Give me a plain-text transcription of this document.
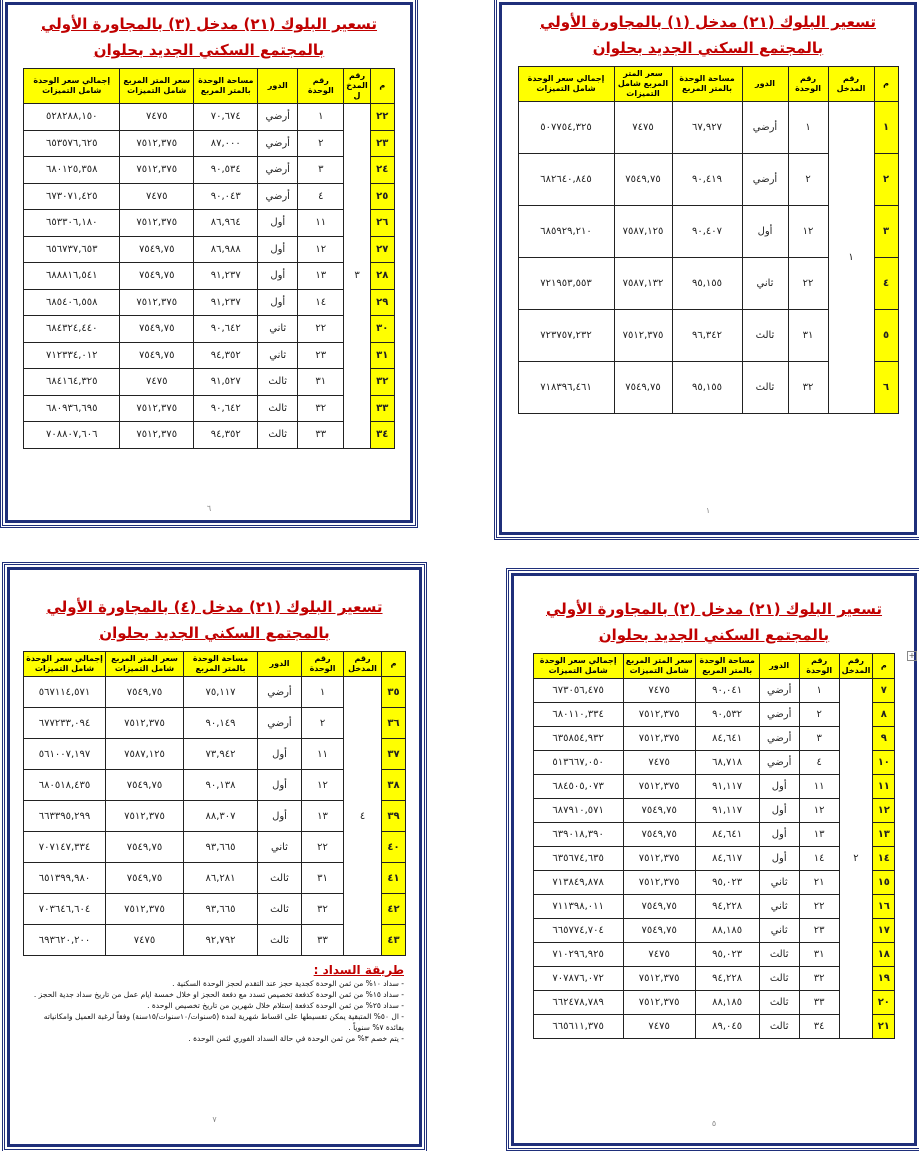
تسعير البلوك (٢١) مدخل (٣) بالمجاورة الأولي
بالمجتمع السكني الجديد بحلوان
م	رقم المدخ ل	رقم الوحدة	الدور	مساحة الوحدة بالمتر المربع	سعر المتر المربع شامل التميزات	إجمالي سعر الوحدة شامل التميزات
٢٢	٣	١	أرضي	٧٠,٦٧٤	٧٤٧٥	٥٢٨٢٨٨,١٥٠
٢٣		٢	أرضي	٨٧,٠٠٠	٧٥١٢,٣٧٥	٦٥٣٥٧٦,٦٢٥
٢٤		٣	أرضي	٩٠,٥٣٤	٧٥١٢,٣٧٥	٦٨٠١٢٥,٣٥٨
٢٥		٤	أرضي	٩٠,٠٤٣	٧٤٧٥	٦٧٣٠٧١,٤٢٥
٢٦		١١	أول	٨٦,٩٦٤	٧٥١٢,٣٧٥	٦٥٣٣٠٦,١٨٠
٢٧		١٢	أول	٨٦,٩٨٨	٧٥٤٩,٧٥	٦٥٦٧٣٧,٦٥٣
٢٨		١٣	أول	٩١,٢٣٧	٧٥٤٩,٧٥	٦٨٨٨١٦,٥٤١
٢٩		١٤	أول	٩١,٢٣٧	٧٥١٢,٣٧٥	٦٨٥٤٠٦,٥٥٨
٣٠		٢٢	ثاني	٩٠,٦٤٢	٧٥٤٩,٧٥	٦٨٤٣٢٤,٤٤٠
٣١		٢٣	ثاني	٩٤,٣٥٢	٧٥٤٩,٧٥	٧١٢٣٣٤,٠١٢
٣٢		٣١	ثالث	٩١,٥٢٧	٧٤٧٥	٦٨٤١٦٤,٣٢٥
٣٣		٣٢	ثالث	٩٠,٦٤٢	٧٥١٢,٣٧٥	٦٨٠٩٣٦,٦٩٥
٣٤		٣٣	ثالث	٩٤,٣٥٢	٧٥١٢,٣٧٥	٧٠٨٨٠٧,٦٠٦
٦
تسعير البلوك (٢١) مدخل (١) بالمجاورة الأولي
بالمجتمع السكني الجديد بحلوان
م	رقم المدخل	رقم الوحدة	الدور	مساحة الوحدة بالمتر المربع	سعر المتر المربع شامل التميزات	إجمالي سعر الوحدة شامل التميزات
١	١	١	أرضي	٦٧,٩٢٧	٧٤٧٥	٥٠٧٧٥٤,٣٢٥
٢		٢	أرضي	٩٠,٤١٩	٧٥٤٩,٧٥	٦٨٢٦٤٠,٨٤٥
٣		١٢	أول	٩٠,٤٠٧	٧٥٨٧,١٢٥	٦٨٥٩٢٩,٢١٠
٤		٢٢	ثاني	٩٥,١٥٥	٧٥٨٧,١٣٢	٧٢١٩٥٣,٥٥٣
٥		٣١	ثالث	٩٦,٣٤٢	٧٥١٢,٣٧٥	٧٢٣٧٥٧,٢٣٢
٦		٣٢	ثالث	٩٥,١٥٥	٧٥٤٩,٧٥	٧١٨٣٩٦,٤٦١
١
تسعير البلوك (٢١) مدخل (٤) بالمجاورة الأولي
بالمجتمع السكني الجديد بحلوان
م	رقم المدخل	رقم الوحدة	الدور	مساحة الوحدة بالمتر المربع	سعر المتر المربع شامل التميزات	إجمالي سعر الوحدة شامل التميزات
٣٥	٤	١	أرضي	٧٥,١١٧	٧٥٤٩,٧٥	٥٦٧١١٤,٥٧١
٣٦		٢	أرضي	٩٠,١٤٩	٧٥١٢,٣٧٥	٦٧٧٢٣٣,٠٩٤
٣٧		١١	أول	٧٣,٩٤٢	٧٥٨٧,١٢٥	٥٦١٠٠٧,١٩٧
٣٨		١٢	أول	٩٠,١٣٨	٧٥٤٩,٧٥	٦٨٠٥١٨,٤٣٥
٣٩		١٣	أول	٨٨,٣٠٧	٧٥١٢,٣٧٥	٦٦٣٣٩٥,٢٩٩
٤٠		٢٢	ثاني	٩٣,٦٦٥	٧٥٤٩,٧٥	٧٠٧١٤٧,٣٣٤
٤١		٣١	ثالث	٨٦,٢٨١	٧٥٤٩,٧٥	٦٥١٣٩٩,٩٨٠
٤٢		٣٢	ثالث	٩٣,٦٦٥	٧٥١٢,٣٧٥	٧٠٣٦٤٦,٦٠٤
٤٣		٣٣	ثالث	٩٢,٧٩٢	٧٤٧٥	٦٩٣٦٢٠,٢٠٠
طريقة السداد :
- سداد ١٠% من ثمن الوحدة كجدية حجز عند التقدم لحجز الوحدة السكنية .
- سداد ١٥% من ثمن الوحدة كدفعة تخصيص تسدد مع دفعة الحجز او خلال خمسة ايام عمل من تاريخ سداد جدية الحجز .
- سداد ٢٥% من ثمن الوحدة كدفعة إستلام خلال شهرين من تاريخ تخصيص الوحدة .
- ال ٥٠% المتبقية يمكن تقسيطها على اقساط شهرية لمدة (٥سنوات/١٠سنوات/١٥سنة) وفقاً لرغبة العميل وامكانياته بفائدة ٧% سنوياً .
- يتم خصم ٣% من ثمن الوحدة في حالة السداد الفوري لثمن الوحدة .
٧
تسعير البلوك (٢١) مدخل (٢) بالمجاورة الأولي
بالمجتمع السكني الجديد بحلوان
م	رقم المدخل	رقم الوحدة	الدور	مساحة الوحدة بالمتر المربع	سعر المتر المربع شامل التميزات	إجمالي سعر الوحدة شامل التميزات
٧	٢	١	أرضي	٩٠,٠٤١	٧٤٧٥	٦٧٣٠٥٦,٤٧٥
٨		٢	أرضي	٩٠,٥٣٢	٧٥١٢,٣٧٥	٦٨٠١١٠,٣٣٤
٩		٣	أرضي	٨٤,٦٤١	٧٥١٢,٣٧٥	٦٣٥٨٥٤,٩٣٢
١٠		٤	أرضي	٦٨,٧١٨	٧٤٧٥	٥١٣٦٦٧,٠٥٠
١١		١١	أول	٩١,١١٧	٧٥١٢,٣٧٥	٦٨٤٥٠٥,٠٧٣
١٢		١٢	أول	٩١,١١٧	٧٥٤٩,٧٥	٦٨٧٩١٠,٥٧١
١٣		١٣	أول	٨٤,٦٤١	٧٥٤٩,٧٥	٦٣٩٠١٨,٣٩٠
١٤		١٤	أول	٨٤,٦١٧	٧٥١٢,٣٧٥	٦٣٥٦٧٤,٦٣٥
١٥		٢١	ثاني	٩٥,٠٢٣	٧٥١٢,٣٧٥	٧١٣٨٤٩,٨٧٨
١٦		٢٢	ثاني	٩٤,٢٢٨	٧٥٤٩,٧٥	٧١١٣٩٨,٠١١
١٧		٢٣	ثاني	٨٨,١٨٥	٧٥٤٩,٧٥	٦٦٥٧٧٤,٧٠٤
١٨		٣١	ثالث	٩٥,٠٢٣	٧٤٧٥	٧١٠٢٩٦,٩٢٥
١٩		٣٢	ثالث	٩٤,٢٢٨	٧٥١٢,٣٧٥	٧٠٧٨٧٦,٠٧٢
٢٠		٣٣	ثالث	٨٨,١٨٥	٧٥١٢,٣٧٥	٦٦٢٤٧٨,٧٨٩
٢١		٣٤	ثالث	٨٩,٠٤٥	٧٤٧٥	٦٦٥٦١١,٣٧٥
٥
+
